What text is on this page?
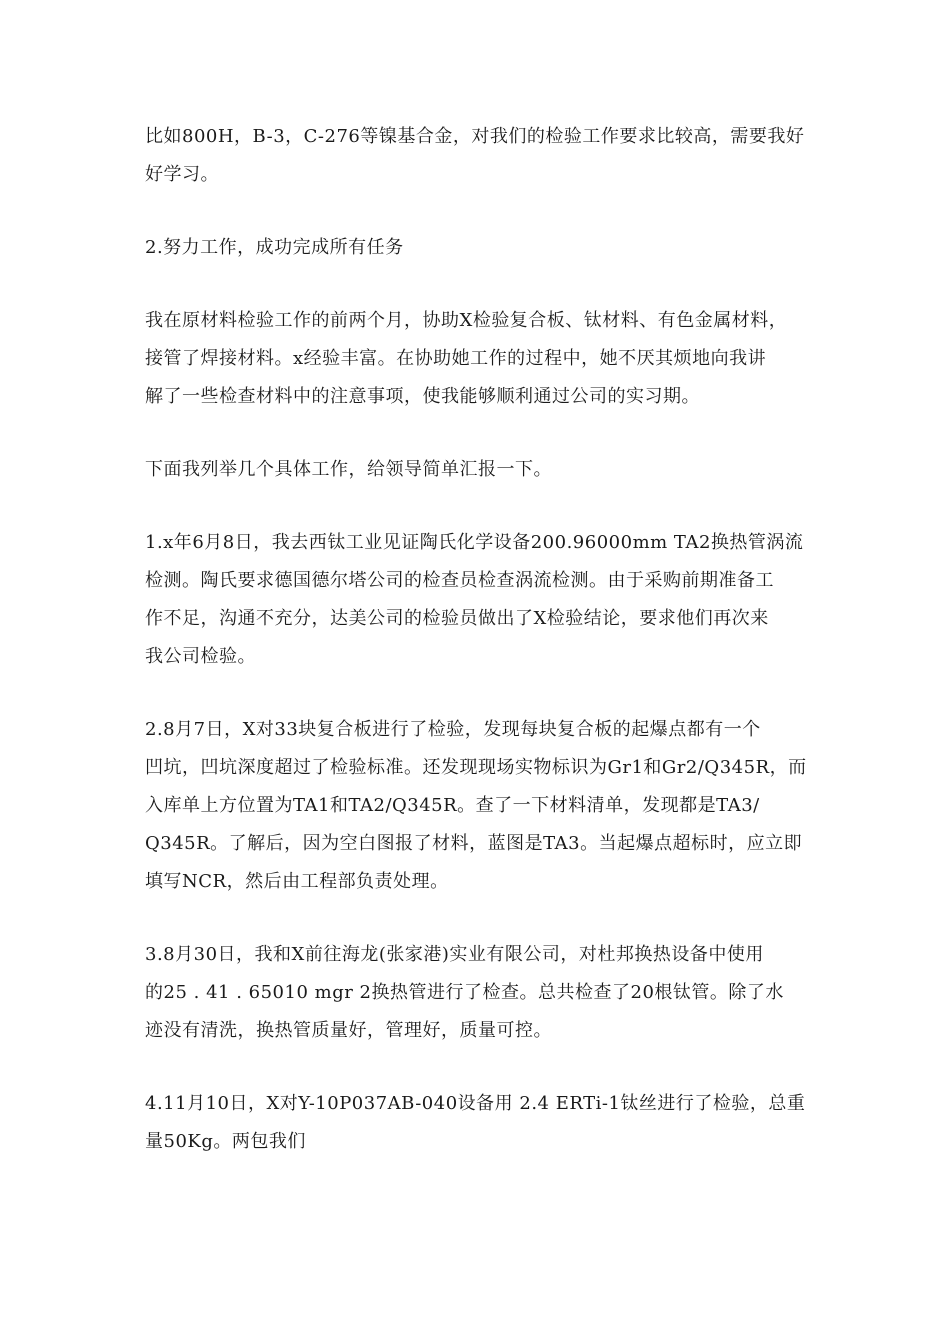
比如800H，B-3，C-276等镍基合金，对我们的检验工作要求比较高，需要我好
好学习。

2.努力工作，成功完成所有任务

我在原材料检验工作的前两个月，协助X检验复合板、钛材料、有色金属材料，
接管了焊接材料。x经验丰富。在协助她工作的过程中，她不厌其烦地向我讲
解了一些检查材料中的注意事项，使我能够顺利通过公司的实习期。

下面我列举几个具体工作，给领导简单汇报一下。

1.x年6月8日，我去西钛工业见证陶氏化学设备200.96000mm TA2换热管涡流
检测。陶氏要求德国德尔塔公司的检查员检查涡流检测。由于采购前期准备工
作不足，沟通不充分，达美公司的检验员做出了X检验结论，要求他们再次来
我公司检验。

2.8月7日，X对33块复合板进行了检验，发现每块复合板的起爆点都有一个
凹坑，凹坑深度超过了检验标准。还发现现场实物标识为Gr1和Gr2/Q345R，而
入库单上方位置为TA1和TA2/Q345R。查了一下材料清单，发现都是TA3/
Q345R。了解后，因为空白图报了材料，蓝图是TA3。当起爆点超标时，应立即
填写NCR，然后由工程部负责处理。

3.8月30日，我和X前往海龙(张家港)实业有限公司，对杜邦换热设备中使用
的25 . 41 . 65010 mgr 2换热管进行了检查。总共检查了20根钛管。除了水
迹没有清洗，换热管质量好，管理好，质量可控。

4.11月10日，X对Y-10P037AB-040设备用 2.4 ERTi-1钛丝进行了检验，总重
量50Kg。两包我们
